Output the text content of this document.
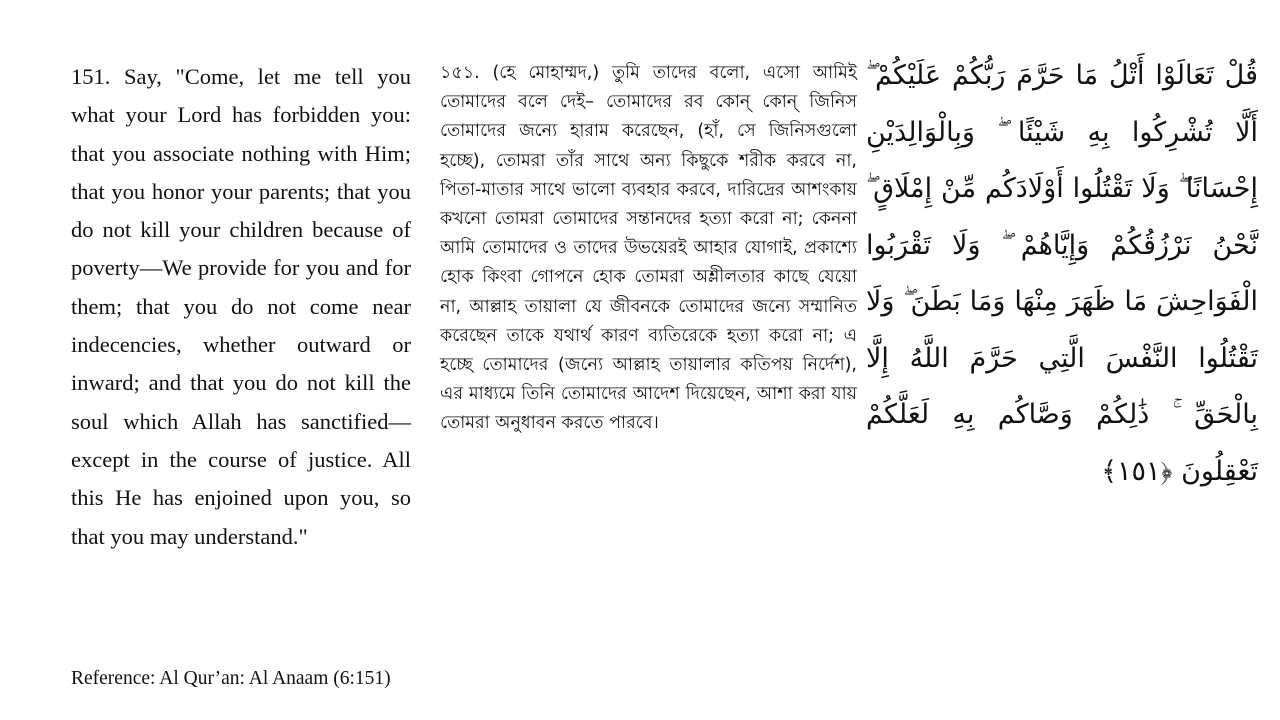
151. Say, "Come, let me tell you what your Lord has forbidden you: that you associate nothing with Him; that you honor your parents; that you do not kill your children because of poverty—We provide for you and for them; that you do not come near indecencies, whether outward or inward; and that you do not kill the soul which Allah has sanctified—except in the course of justice. All this He has enjoined upon you, so that you may understand."

১৫১. (হে মোহাম্মদ,) তুমি তাদের বলো, এসো আমিই তোমাদের বলে দেই– তোমাদের রব কোন্‌ কোন্‌ জিনিস তোমাদের জন্যে হারাম করেছেন, (হাঁ, সে জিনিসগুলো হচ্ছে), তোমরা তাঁর সাথে অন্য কিছুকে শরীক করবে না, পিতা-মাতার সাথে ভালো ব্যবহার করবে, দারিদ্রের আশংকায় কখনো তোমরা তোমাদের সন্তানদের হত্যা করো না; কেননা আমি তোমাদের ও তাদের উভয়েরই আহার যোগাই, প্রকাশ্যে হোক কিংবা গোপনে হোক তোমরা অশ্লীলতার কাছে যেয়ো না, আল্লাহ তায়ালা যে জীবনকে তোমাদের জন্যে সম্মানিত করেছেন তাকে যথার্থ কারণ ব্যতিরেকে হত্যা করো না; এ হচ্ছে তোমাদের (জন্যে আল্লাহ তায়ালার কতিপয় নির্দেশ), এর মাধ্যমে তিনি তোমাদের আদেশ দিয়েছেন, আশা করা যায় তোমরা অনুধাবন করতে পারবে।

قُلْ تَعَالَوْا أَتْلُ مَا حَرَّمَ رَبُّكُمْ عَلَيْكُمْ ۖ أَلَّا تُشْرِكُوا بِهِ شَيْئًا ۖ وَبِالْوَالِدَيْنِ إِحْسَانًا ۖ وَلَا تَقْتُلُوا أَوْلَادَكُم مِّنْ إِمْلَاقٍ ۖ نَّحْنُ نَرْزُقُكُمْ وَإِيَّاهُمْ ۖ وَلَا تَقْرَبُوا الْفَوَاحِشَ مَا ظَهَرَ مِنْهَا وَمَا بَطَنَ ۖ وَلَا تَقْتُلُوا النَّفْسَ الَّتِي حَرَّمَ اللَّهُ إِلَّا بِالْحَقِّ ۚ ذَٰلِكُمْ وَصَّاكُم بِهِ لَعَلَّكُمْ تَعْقِلُونَ ﴿١٥١﴾

Reference: Al Qur’an: Al Anaam (6:151)
